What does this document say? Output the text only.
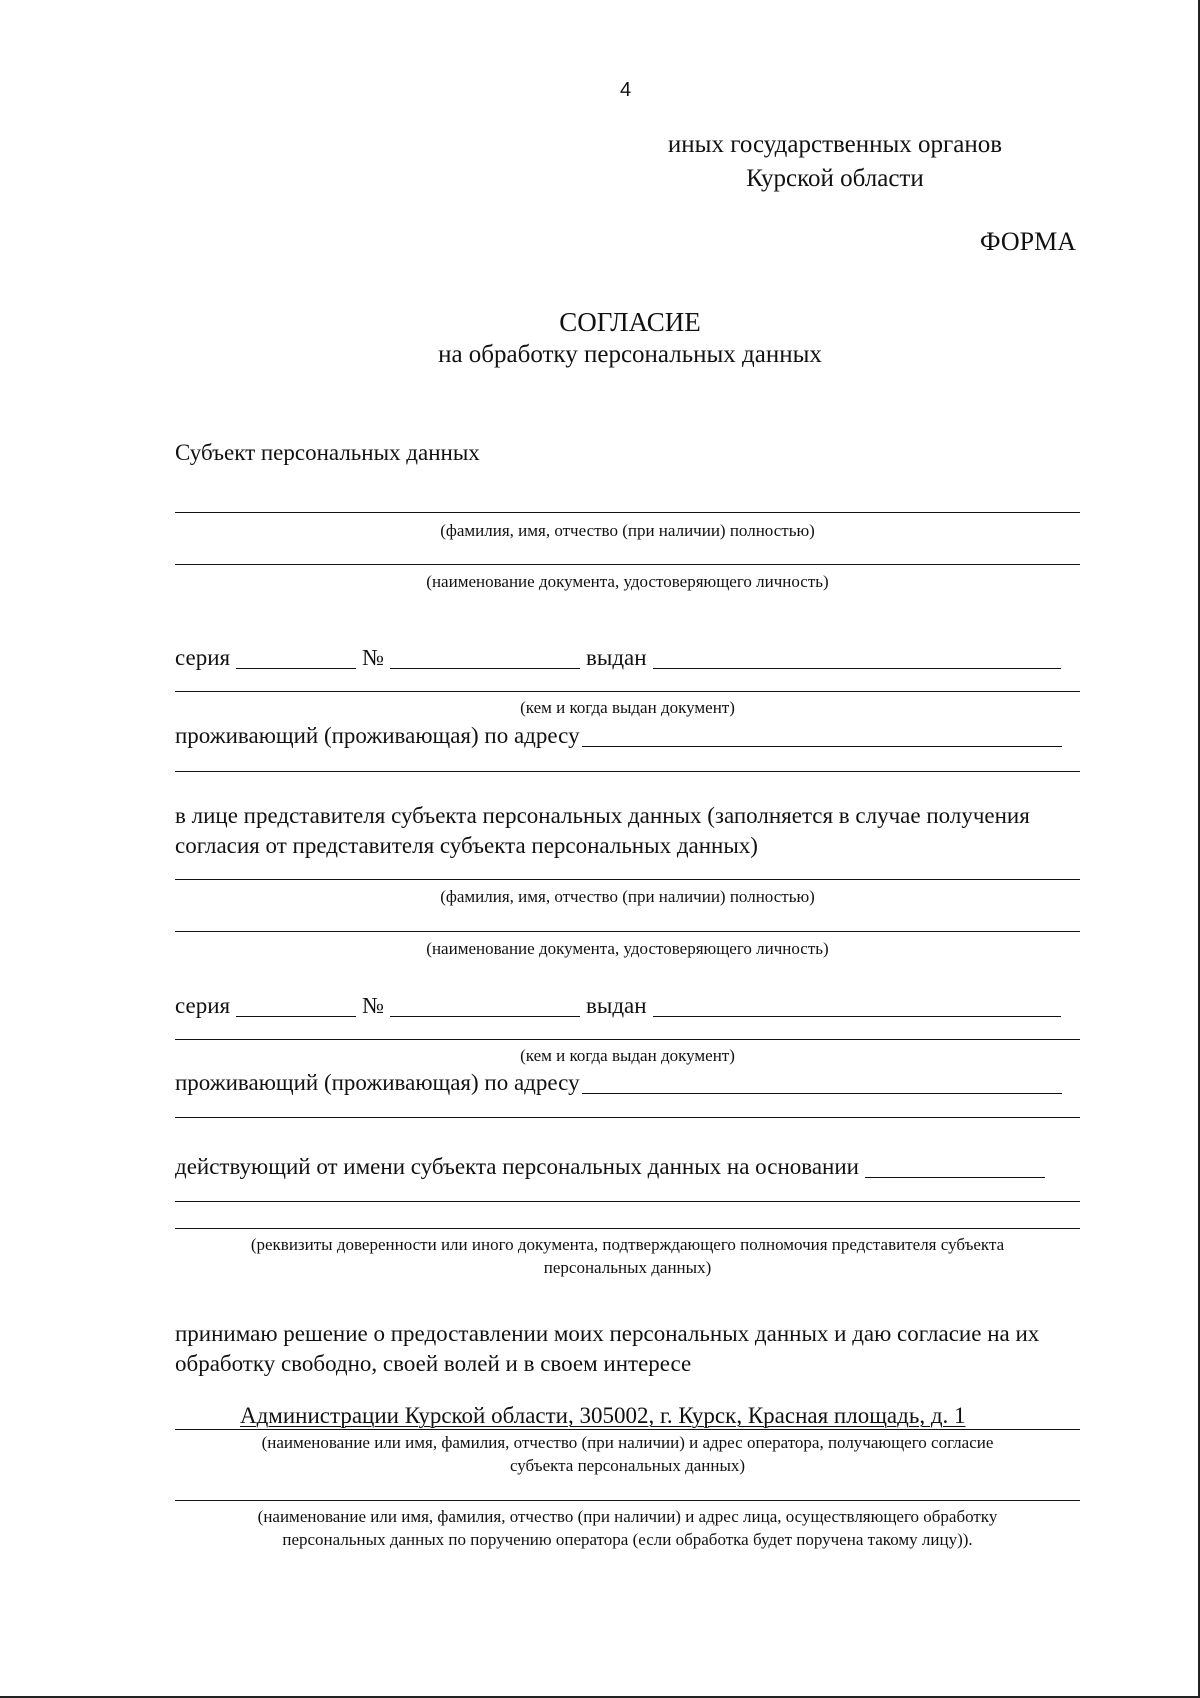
4
иных государственных органов
Курской области
ФОРМА
СОГЛАСИЕ
на обработку персональных данных
Субъект персональных данных
(фамилия, имя, отчество (при наличии) полностью)
(наименование документа, удостоверяющего личность)
серия	№	выдан
(кем и когда выдан документ)
проживающий (проживающая) по адресу
в лице представителя субъекта персональных данных (заполняется в случае получения
согласия от представителя субъекта персональных данных)
(фамилия, имя, отчество (при наличии) полностью)
(наименование документа, удостоверяющего личность)
серия	№	выдан
(кем и когда выдан документ)
проживающий (проживающая) по адресу
действующий от имени субъекта персональных данных на основании
(реквизиты доверенности или иного документа, подтверждающего полномочия представителя субъекта
персональных данных)
принимаю решение о предоставлении моих персональных данных и даю согласие на их
обработку свободно, своей волей и в своем интересе
Администрации Курской области, 305002, г. Курск, Красная площадь, д. 1
(наименование или имя, фамилия, отчество (при наличии) и адрес оператора, получающего согласие
субъекта персональных данных)
(наименование или имя, фамилия, отчество (при наличии) и адрес лица, осуществляющего обработку
персональных данных по поручению оператора (если обработка будет поручена такому лицу)).
